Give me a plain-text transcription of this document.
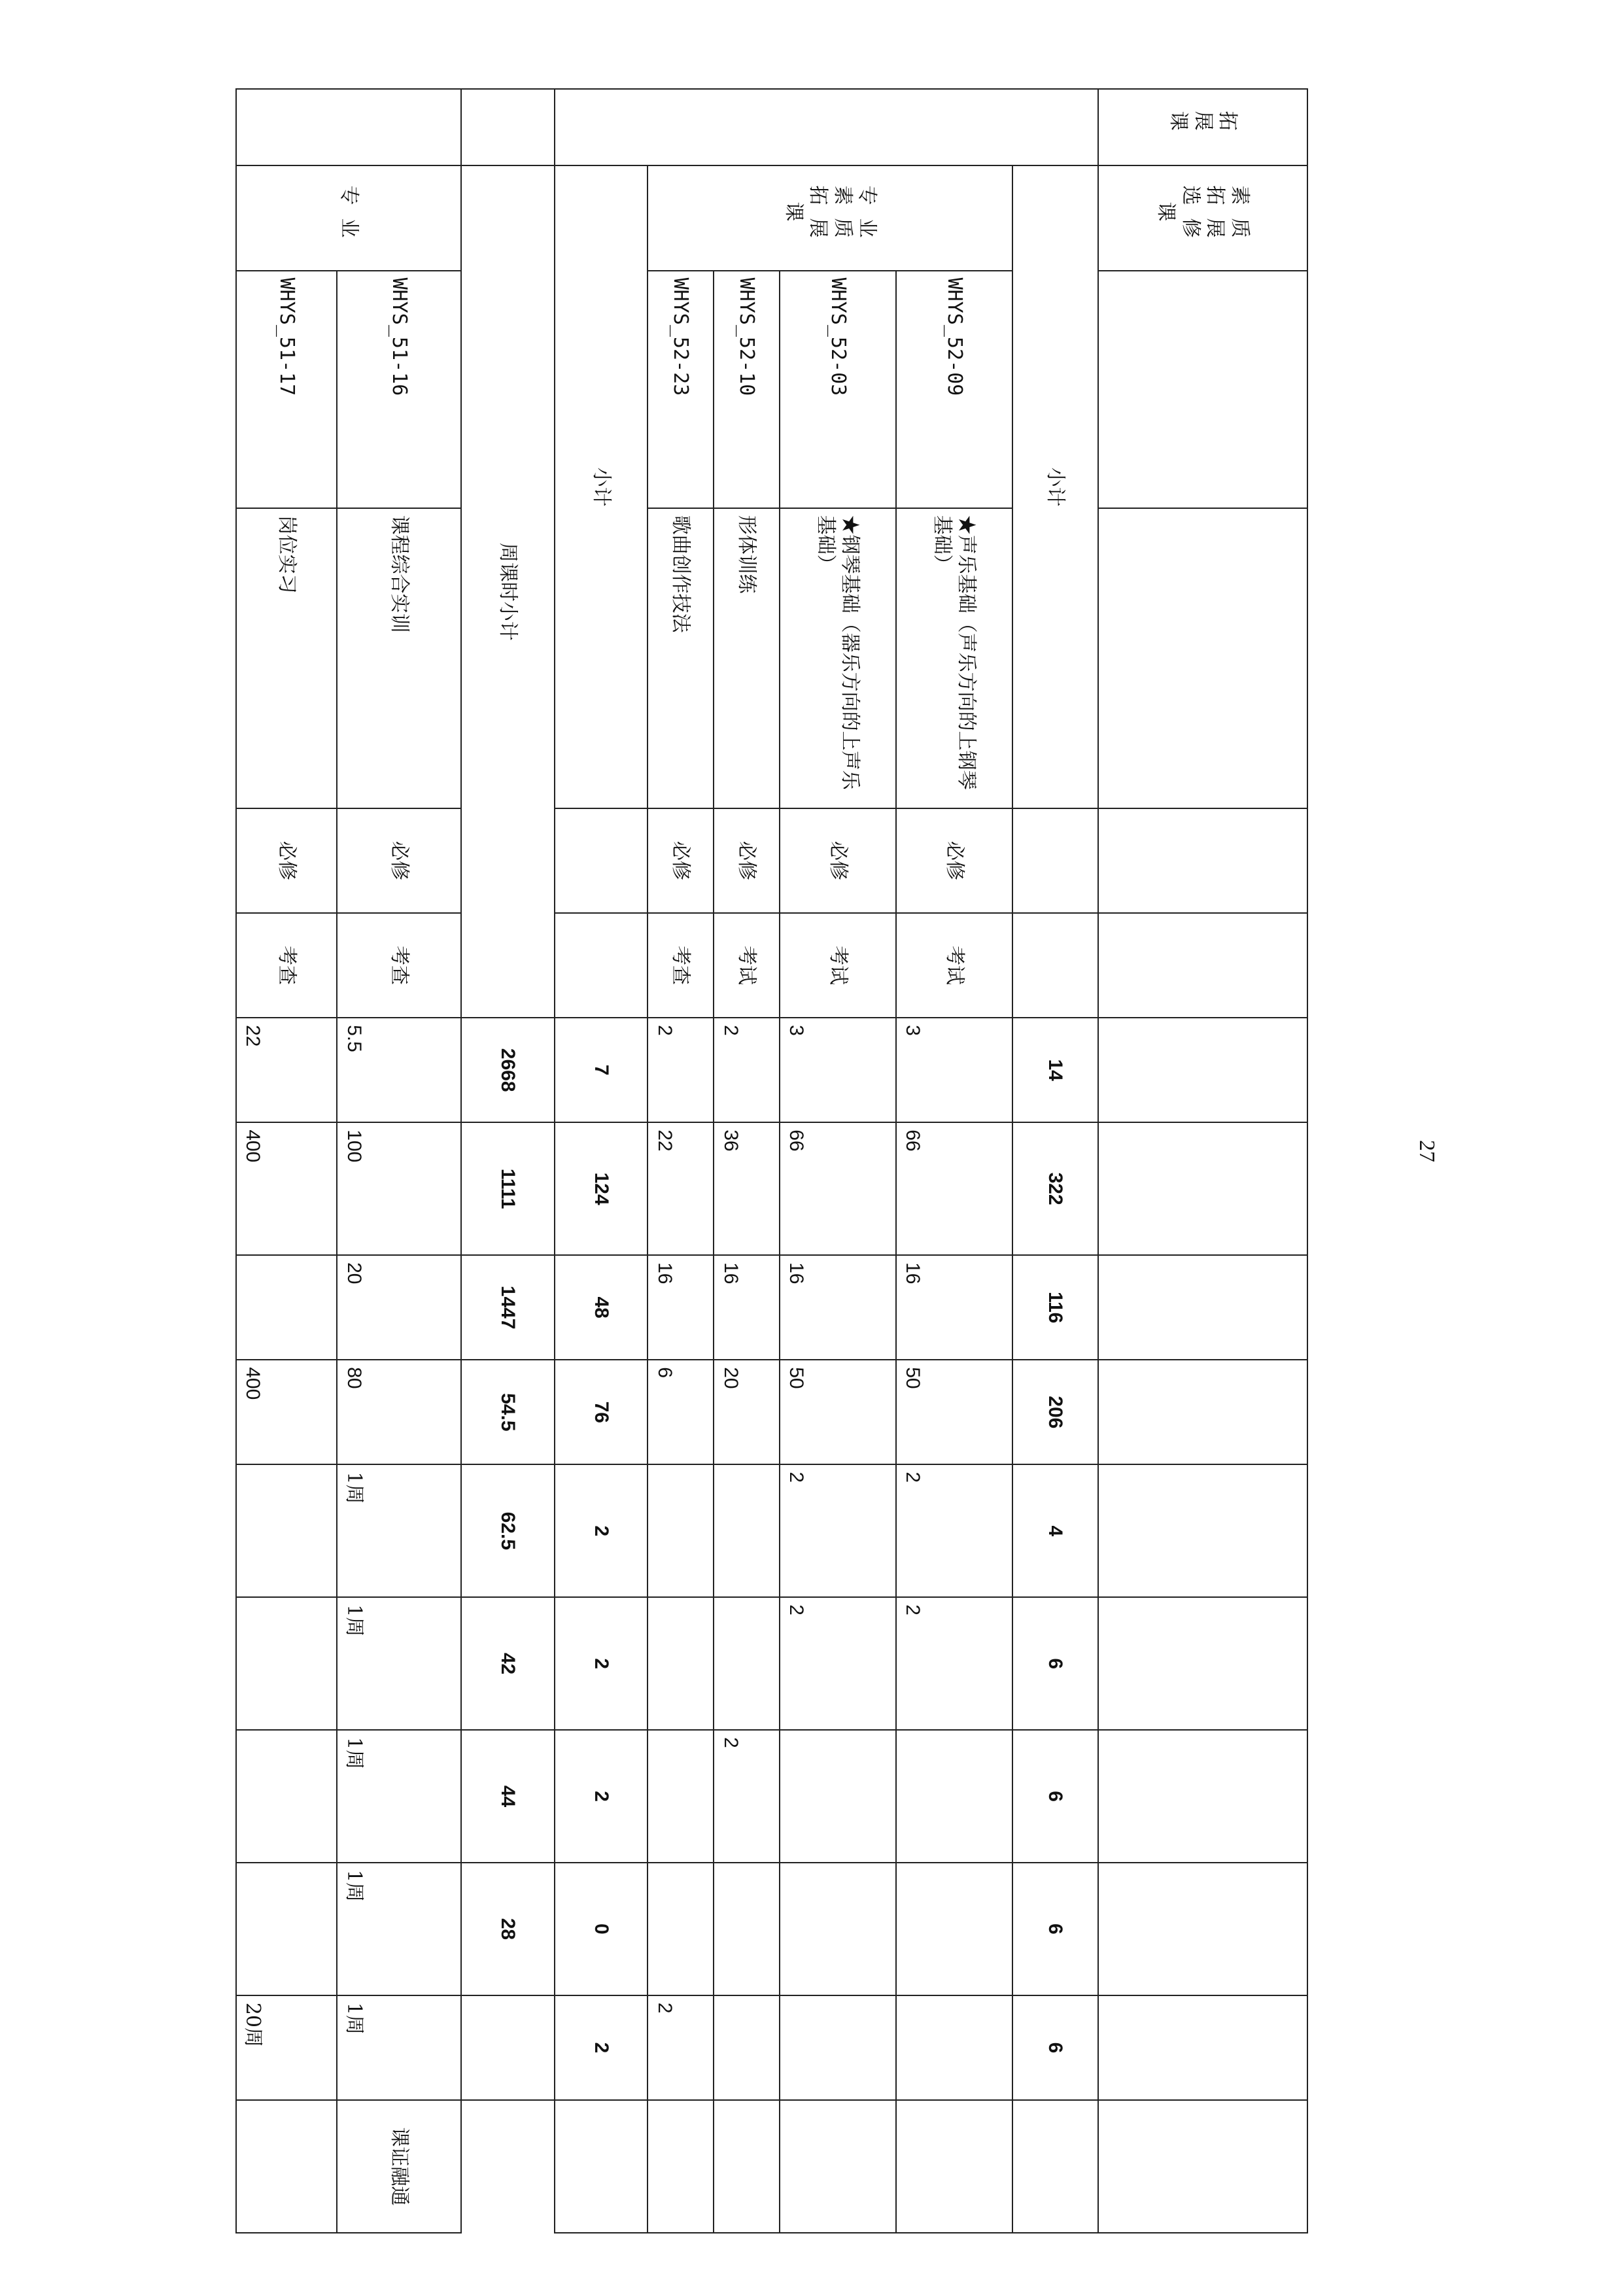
拓展课	素质拓展选修课														
	小计					14	322	116	206	4	6	6	6	6	
	专业素质拓展课	WHYS_52-09	★声乐基础（声乐方向的上钢琴基础）	必修	考试	3	66	16	50	2	2				
		WHYS_52-03	★钢琴基础（器乐方向的上声乐基础）	必修	考试	3	66	16	50	2	2				
		WHYS_52-10	形体训练	必修	考试	2	36	16	20			2			
		WHYS_52-23	歌曲创作技法	必修	考查	2	22	16	6					2	
	小计					7	124	48	76	2	2	2	0	2	
	周课时小计					2668	1111	1447	54.5	62.5	42	44	28		
	专业	WHYS_51-16	课程综合实训	必修	考查	5.5	100	20	80	1周	1周	1周	1周	1周	课证融通
		WHYS_51-17	岗位实习	必修	考查	22	400		400					20周	
27
